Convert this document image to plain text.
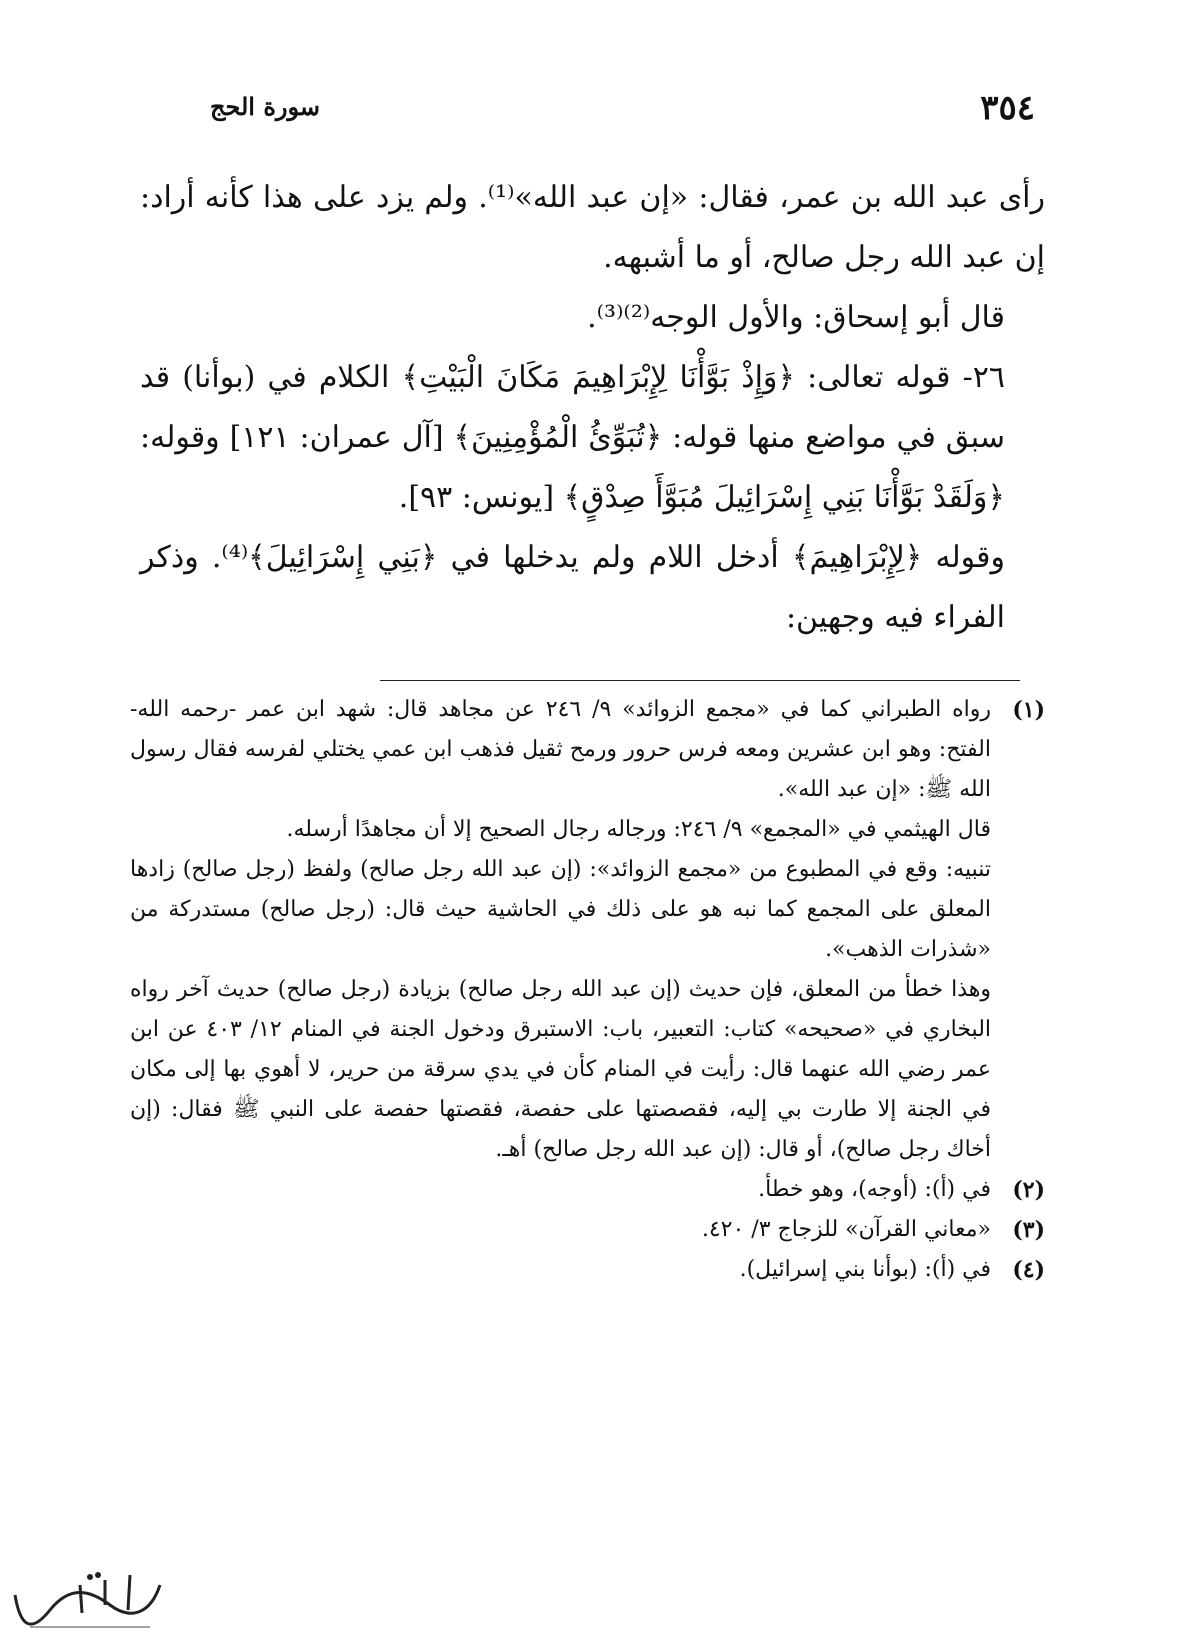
٣٥٤
سورة الحج

رأى عبد الله بن عمر، فقال: «إن عبد الله»⁽¹⁾. ولم يزد على هذا كأنه أراد: إن عبد الله رجل صالح، أو ما أشبهه.

قال أبو إسحاق: والأول الوجه⁽²⁾⁽³⁾.

٢٦- قوله تعالى: ﴿وَإِذْ بَوَّأْنَا لِإِبْرَاهِيمَ مَكَانَ الْبَيْتِ﴾ الكلام في (بوأنا) قد سبق في مواضع منها قوله: ﴿تُبَوِّئُ الْمُؤْمِنِينَ﴾ [آل عمران: ١٢١] وقوله: ﴿وَلَقَدْ بَوَّأْنَا بَنِي إِسْرَائِيلَ مُبَوَّأَ صِدْقٍ﴾ [يونس: ٩٣].

وقوله ﴿لِإِبْرَاهِيمَ﴾ أدخل اللام ولم يدخلها في ﴿بَنِي إِسْرَائِيلَ﴾⁽⁴⁾. وذكر الفراء فيه وجهين:

(١)

رواه الطبراني كما في «مجمع الزوائد» ٩/ ٢٤٦ عن مجاهد قال: شهد ابن عمر -رحمه الله- الفتح: وهو ابن عشرين ومعه فرس حرور ورمح ثقيل فذهب ابن عمي يختلي لفرسه فقال رسول الله ﷺ: «إن عبد الله».

قال الهيثمي في «المجمع» ٩/ ٢٤٦: ورجاله رجال الصحيح إلا أن مجاهدًا أرسله.

تنبيه: وقع في المطبوع من «مجمع الزوائد»: (إن عبد الله رجل صالح) ولفظ (رجل صالح) زادها المعلق على المجمع كما نبه هو على ذلك في الحاشية حيث قال: (رجل صالح) مستدركة من «شذرات الذهب».

وهذا خطأ من المعلق، فإن حديث (إن عبد الله رجل صالح) بزيادة (رجل صالح) حديث آخر رواه البخاري في «صحيحه» كتاب: التعبير، باب: الاستبرق ودخول الجنة في المنام ١٢/ ٤٠٣ عن ابن عمر رضي الله عنهما قال: رأيت في المنام كأن في يدي سرقة من حرير، لا أهوي بها إلى مكان في الجنة إلا طارت بي إليه، فقصصتها على حفصة، فقصتها حفصة على النبي ﷺ فقال: (إن أخاك رجل صالح)، أو قال: (إن عبد الله رجل صالح) أهـ.

(٢)

في (أ): (أوجه)، وهو خطأ.

(٣)

«معاني القرآن» للزجاج ٣/ ٤٢٠.

(٤)

في (أ): (بوأنا بني إسرائيل).
